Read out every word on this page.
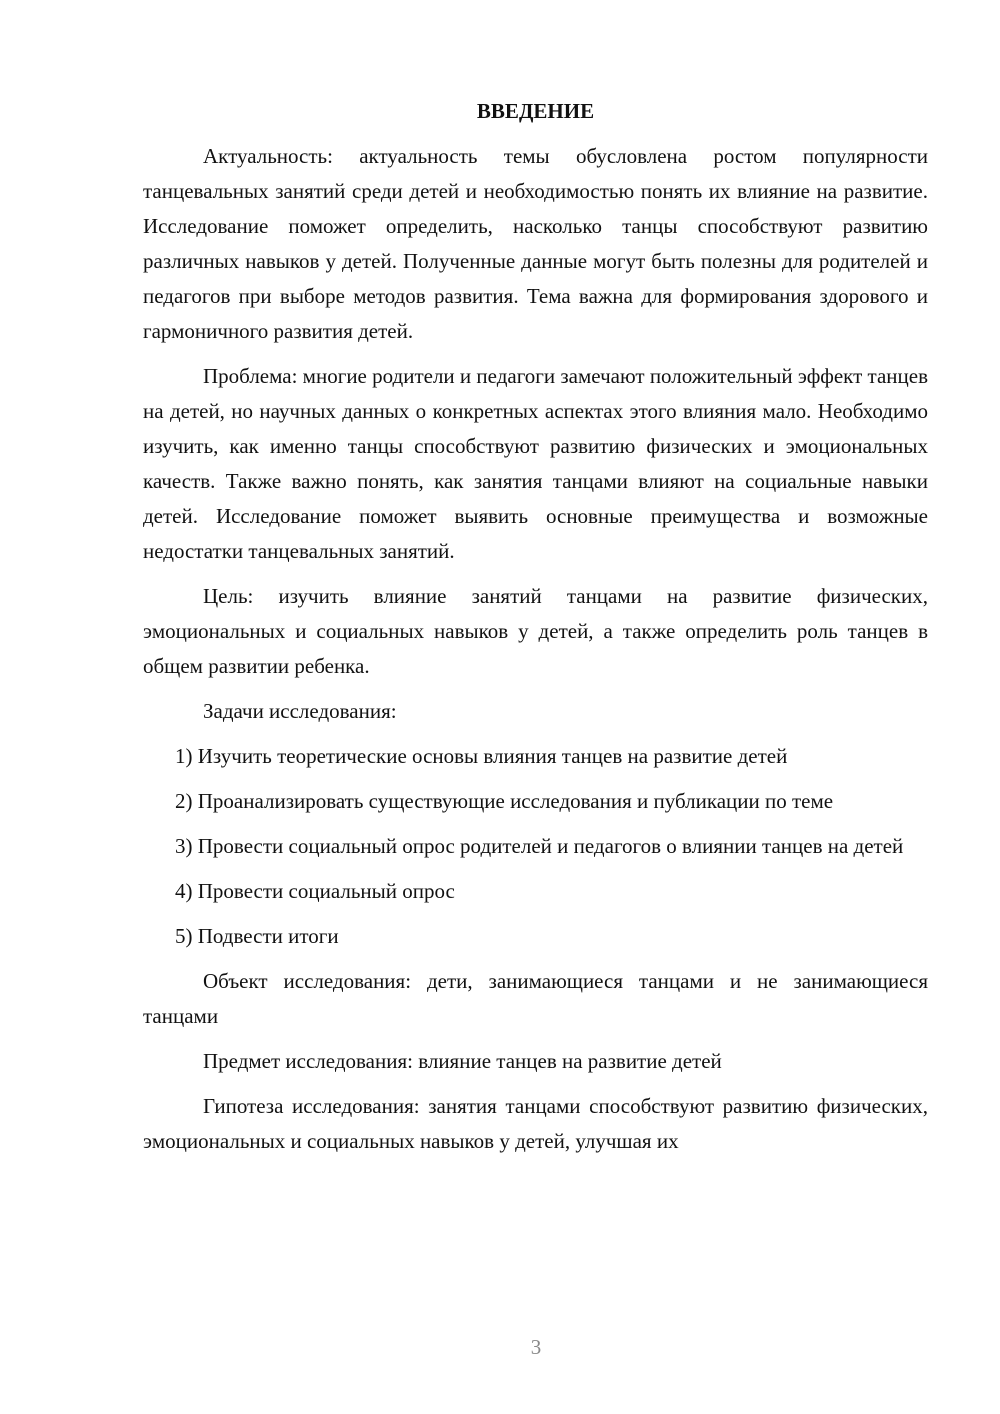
ВВЕДЕНИЕ

Актуальность: актуальность темы обусловлена ростом популярности танцевальных занятий среди детей и необходимостью понять их влияние на развитие. Исследование поможет определить, насколько танцы способствуют развитию различных навыков у детей. Полученные данные могут быть полезны для родителей и педагогов при выборе методов развития. Тема важна для формирования здорового и гармоничного развития детей.

Проблема: многие родители и педагоги замечают положительный эффект танцев на детей, но научных данных о конкретных аспектах этого влияния мало. Необходимо изучить, как именно танцы способствуют развитию физических и эмоциональных качеств. Также важно понять, как занятия танцами влияют на социальные навыки детей. Исследование поможет выявить основные преимущества и возможные недостатки танцевальных занятий.

Цель: изучить влияние занятий танцами на развитие физических, эмоциональных и социальных навыков у детей, а также определить роль танцев в общем развитии ребенка.

Задачи исследования:

1) Изучить теоретические основы влияния танцев на развитие детей

2) Проанализировать существующие исследования и публикации по теме

3) Провести социальный опрос родителей и педагогов о влиянии танцев на детей

4) Провести социальный опрос

5) Подвести итоги

Объект исследования: дети, занимающиеся танцами и не занимающиеся танцами

Предмет исследования: влияние танцев на развитие детей

Гипотеза исследования: занятия танцами способствуют развитию физических, эмоциональных и социальных навыков у детей, улучшая их

3
